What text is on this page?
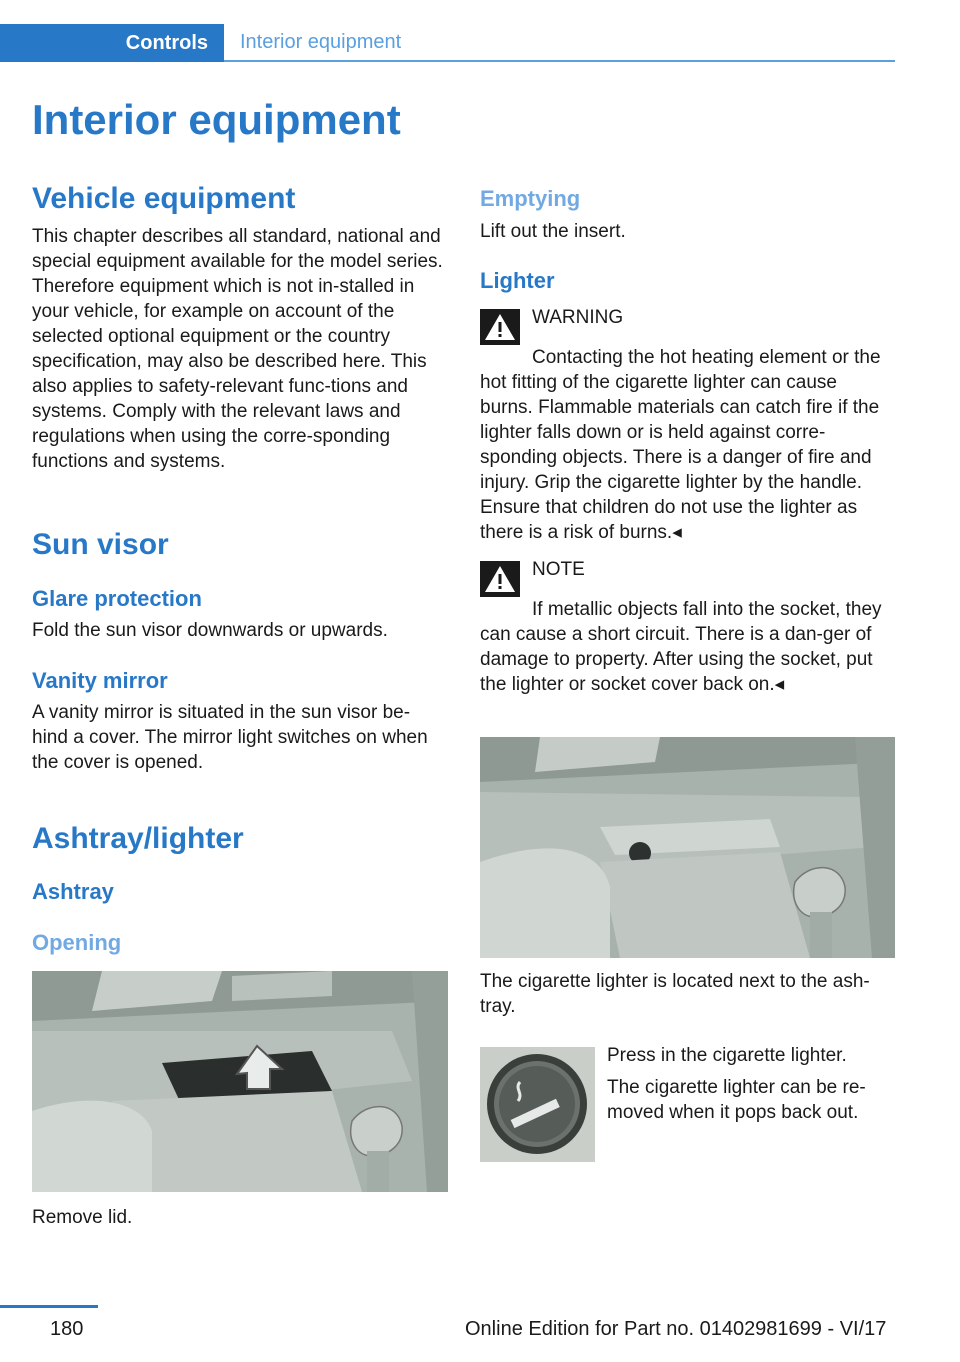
Controls	Interior equipment
Interior equipment
Vehicle equipment

This chapter describes all standard, national and special equipment available for the model series. Therefore equipment which is not in-stalled in your vehicle, for example on account of the selected optional equipment or the country specification, may also be described here. This also applies to safety-relevant func-tions and systems. Comply with the relevant laws and regulations when using the corre-sponding functions and systems.

Sun visor
Glare protection

Fold the sun visor downwards or upwards.

Vanity mirror

A vanity mirror is situated in the sun visor be-hind a cover. The mirror light switches on when the cover is opened.

Ashtray/lighter
Ashtray
Opening

Remove lid.

Emptying

Lift out the insert.

Lighter

WARNING

Contacting the hot heating element or the hot fitting of the cigarette lighter can cause burns. Flammable materials can catch fire if the lighter falls down or is held against corre-sponding objects. There is a danger of fire and injury. Grip the cigarette lighter by the handle. Ensure that children do not use the lighter as there is a risk of burns.◂

NOTE

If metallic objects fall into the socket, they can cause a short circuit. There is a dan-ger of damage to property. After using the socket, put the lighter or socket cover back on.◂

The cigarette lighter is located next to the ash-tray.

Press in the cigarette lighter.

The cigarette lighter can be re-moved when it pops back out.

180	Online Edition for Part no. 01402981699 - VI/17
